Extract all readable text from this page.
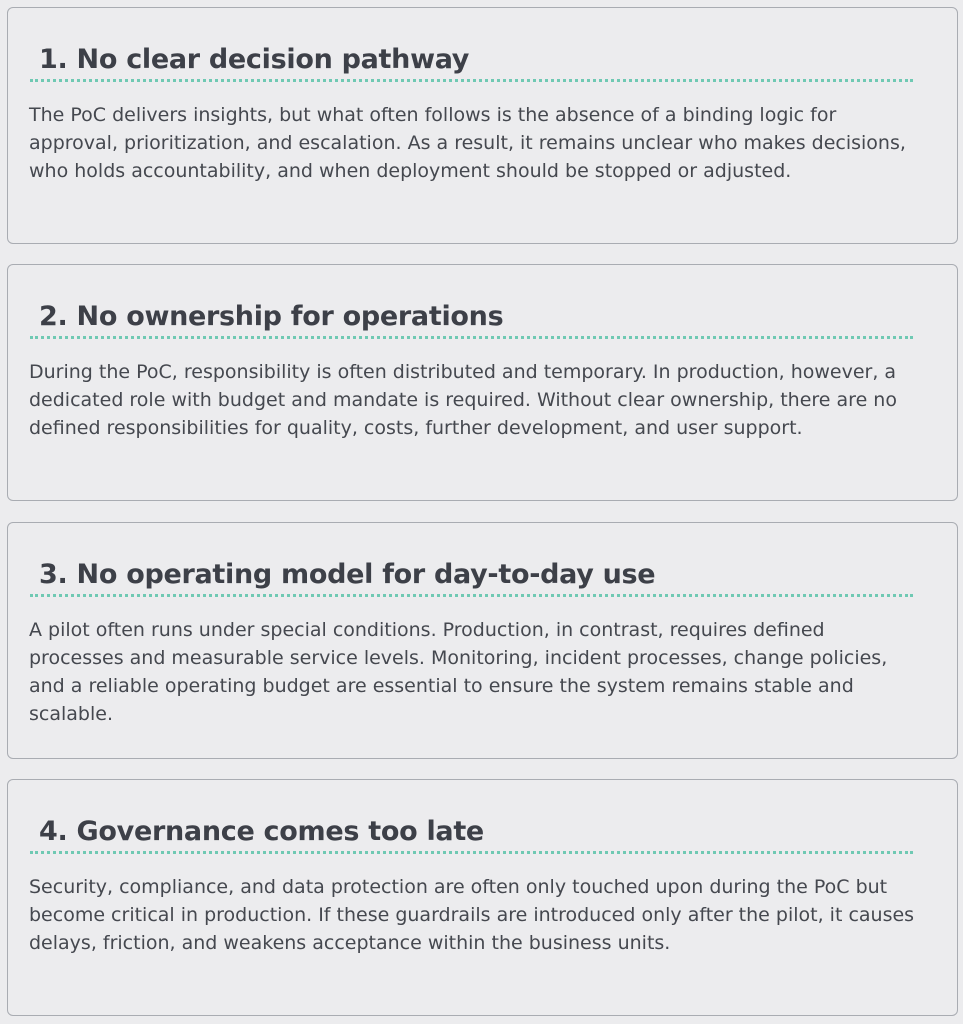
1. No clear decision pathway

The PoC delivers insights, but what often follows is the absence of a binding logic for approval, prioritization, and escalation. As a result, it remains unclear who makes decisions, who holds accountability, and when deployment should be stopped or adjusted.

2. No ownership for operations

During the PoC, responsibility is often distributed and temporary. In production, however, a dedicated role with budget and mandate is required. Without clear ownership, there are no defined responsibilities for quality, costs, further development, and user support.

3. No operating model for day-to-day use

A pilot often runs under special conditions. Production, in contrast, requires defined processes and measurable service levels. Monitoring, incident processes, change policies, and a reliable operating budget are essential to ensure the system remains stable and scalable.

4. Governance comes too late

Security, compliance, and data protection are often only touched upon during the PoC but become critical in production. If these guardrails are introduced only after the pilot, it causes delays, friction, and weakens acceptance within the business units.
